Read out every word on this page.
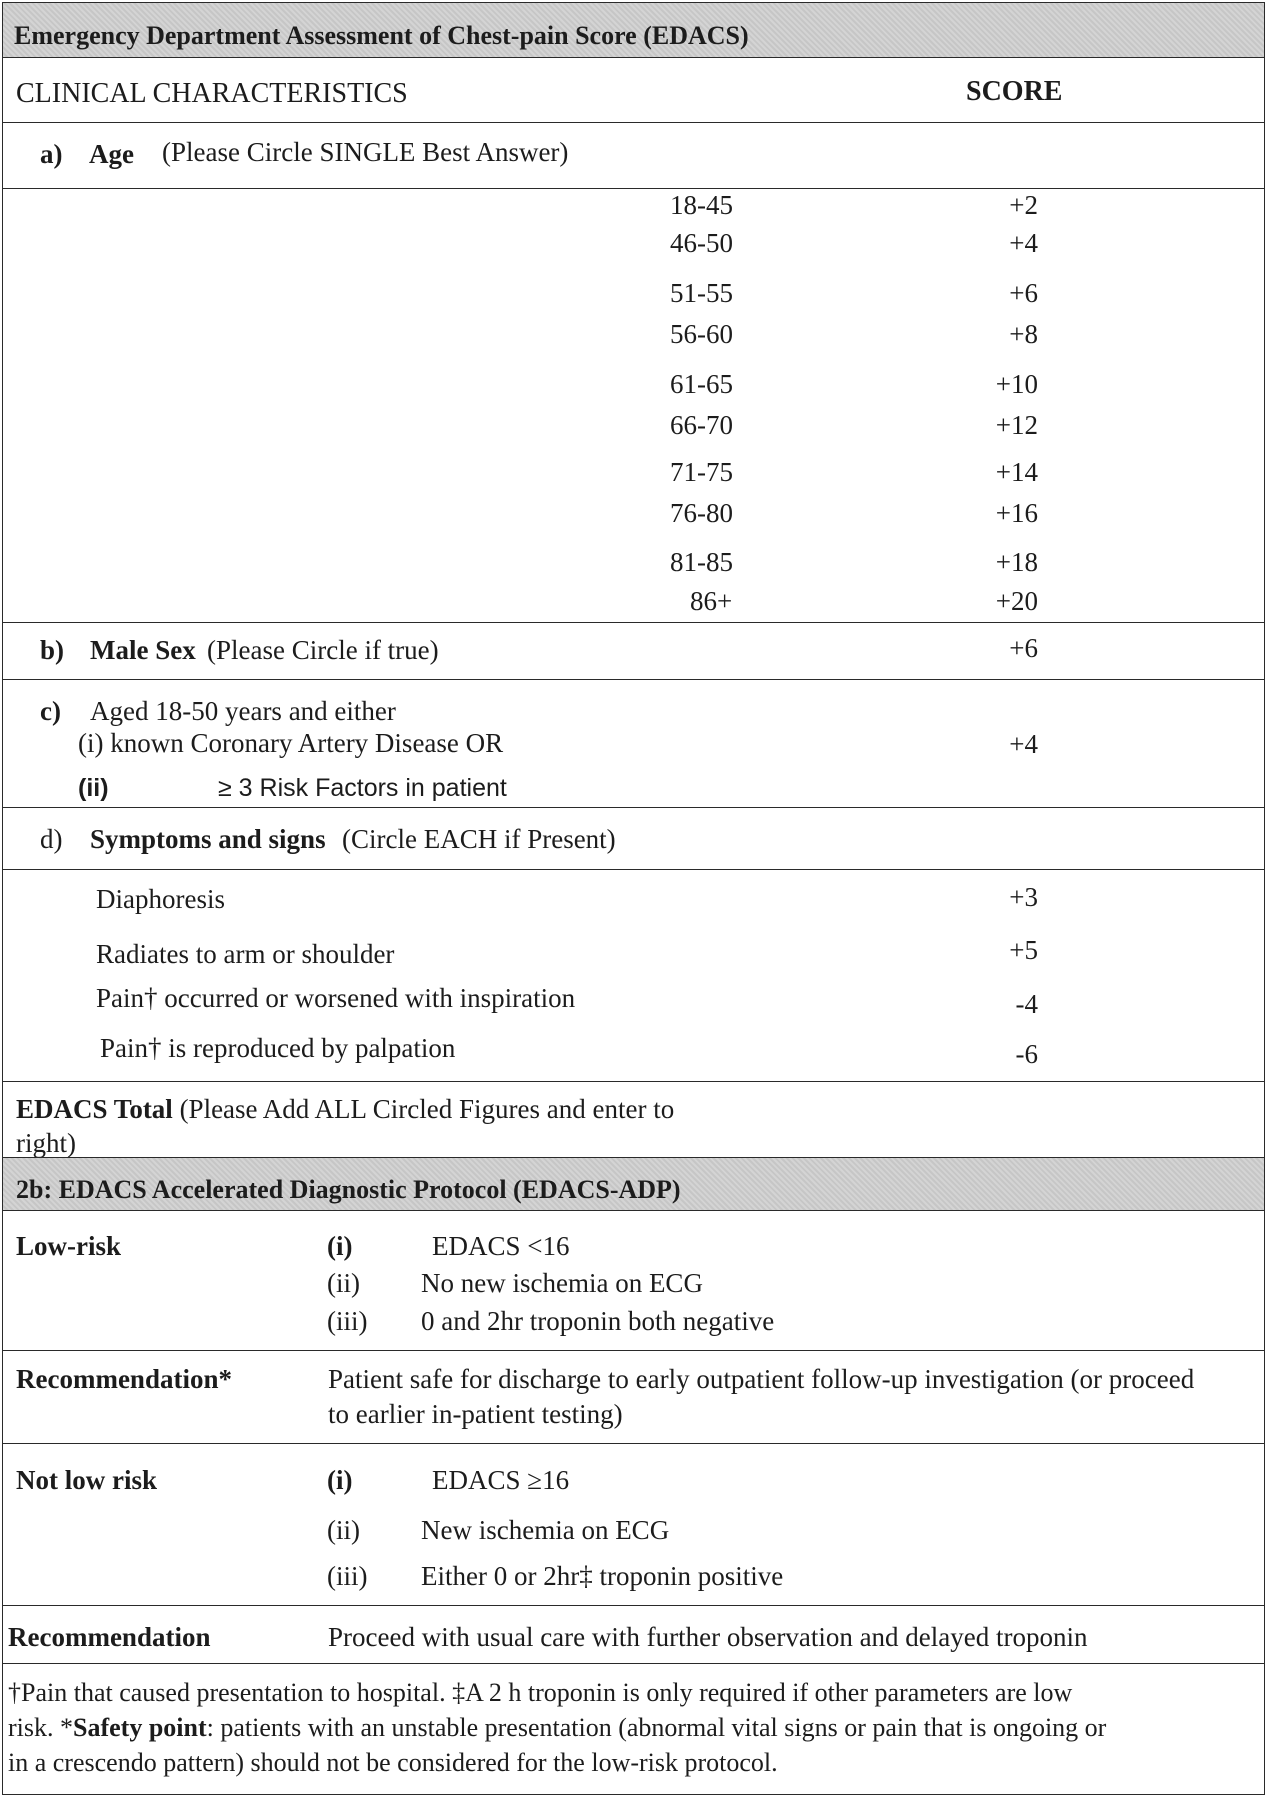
Emergency Department Assessment of Chest-pain Score (EDACS)
CLINICAL CHARACTERISTICS	SCORE
a) Age (Please Circle SINGLE Best Answer)
18-45	+2
46-50	+4
51-55	+6
56-60	+8
61-65	+10
66-70	+12
71-75	+14
76-80	+16
81-85	+18
86+	+20
b) Male Sex (Please Circle if true)	+6
c) Aged 18-50 years and either
(i) known Coronary Artery Disease OR
(ii)	≥ 3 Risk Factors in patient
+4
d) Symptoms and signs (Circle EACH if Present)
Diaphoresis	+3
Radiates to arm or shoulder	+5
Pain† occurred or worsened with inspiration	-4
Pain† is reproduced by palpation	-6
EDACS Total (Please Add ALL Circled Figures and enter to
right)
2b: EDACS Accelerated Diagnostic Protocol (EDACS-ADP)
Low-risk	(i)	EDACS <16
(ii) No new ischemia on ECG
(iii) 0 and 2hr troponin both negative
Recommendation*	Patient safe for discharge to early outpatient follow-up investigation (or proceed
to earlier in-patient testing)
Not low risk	(i)	EDACS ≥16
(ii) New ischemia on ECG
(iii) Either 0 or 2hr‡ troponin positive
Recommendation	Proceed with usual care with further observation and delayed troponin
†Pain that caused presentation to hospital. ‡A 2 h troponin is only required if other parameters are low
risk. *Safety point: patients with an unstable presentation (abnormal vital signs or pain that is ongoing or
in a crescendo pattern) should not be considered for the low-risk protocol.
